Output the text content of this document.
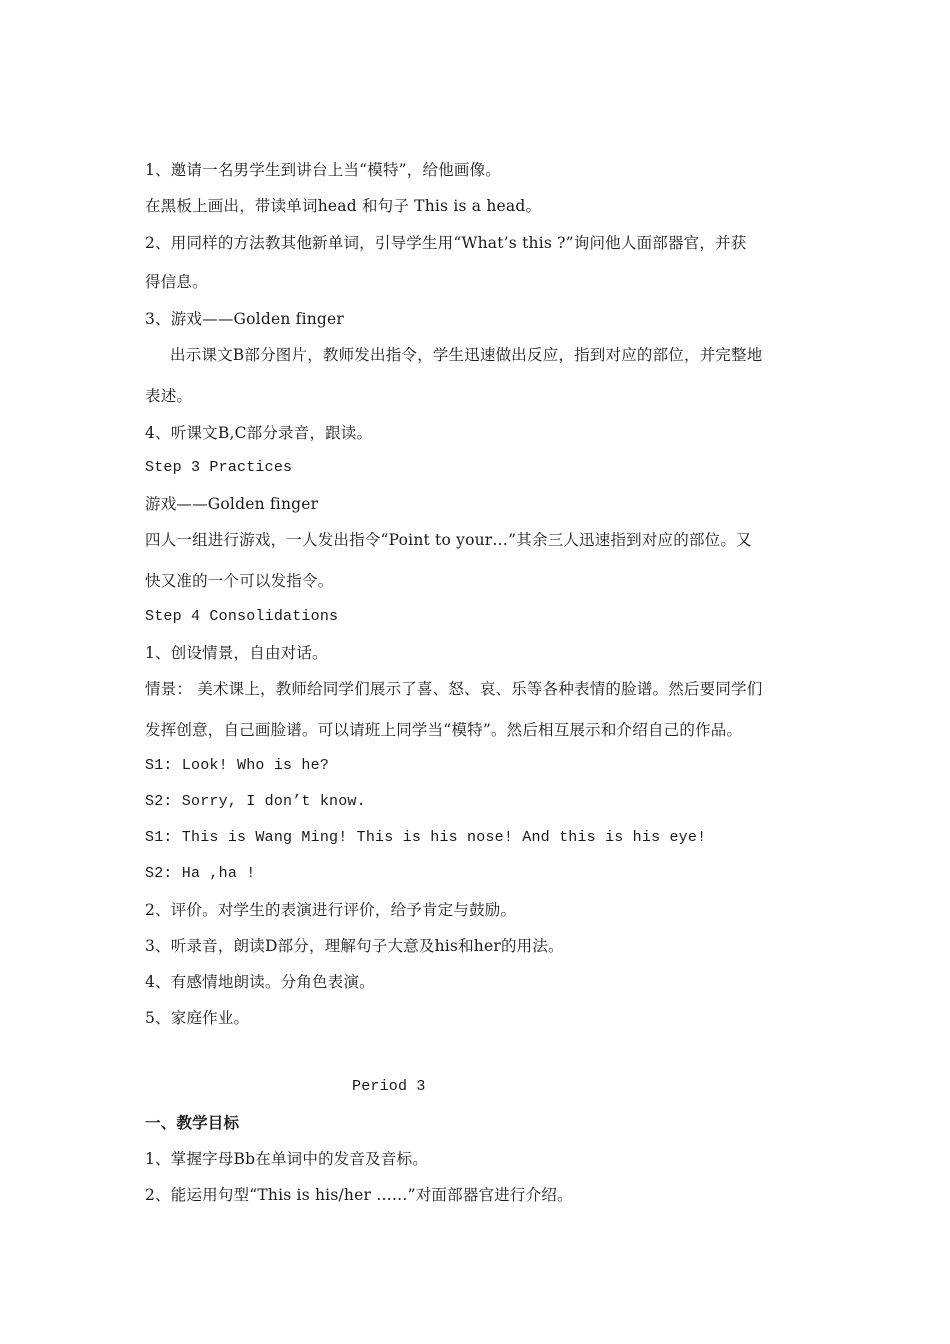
1、邀请一名男学生到讲台上当“模特”，给他画像。
在黑板上画出，带读单词head 和句子 This is a head。
2、用同样的方法教其他新单词，引导学生用“What’s this ?”询问他人面部器官，并获
得信息。
3、游戏——Golden finger
出示课文B部分图片，教师发出指令，学生迅速做出反应，指到对应的部位，并完整地
表述。
4、听课文B,C部分录音，跟读。
Step 3 Practices
游戏——Golden finger
四人一组进行游戏，一人发出指令“Point to your…”其余三人迅速指到对应的部位。又
快又准的一个可以发指令。
Step 4 Consolidations
1、创设情景，自由对话。
情景： 美术课上，教师给同学们展示了喜、怒、哀、乐等各种表情的脸谱。然后要同学们
发挥创意，自己画脸谱。可以请班上同学当“模特”。然后相互展示和介绍自己的作品。
S1: Look! Who is he?
S2: Sorry, I don’t know.
S1: This is Wang Ming! This is his nose! And this is his eye!
S2: Ha ,ha !
2、评价。对学生的表演进行评价，给予肯定与鼓励。
3、听录音，朗读D部分，理解句子大意及his和her的用法。
4、有感情地朗读。分角色表演。
5、家庭作业。
Period 3
一、教学目标
1、掌握字母Bb在单词中的发音及音标。
2、能运用句型“This is his/her ……”对面部器官进行介绍。
